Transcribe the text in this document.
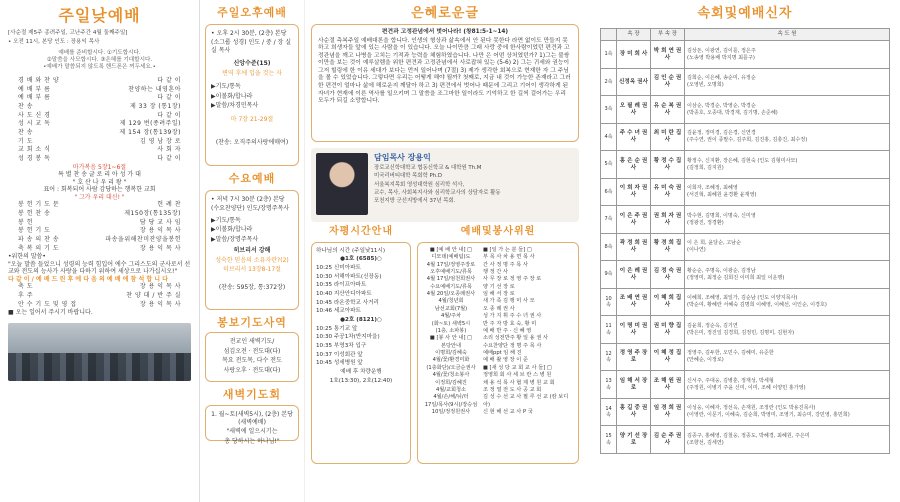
주일낮예배

[사순절 제5주 종려주일, 고난주간 4월 둘째주일]

• 오전 11시, 본당 인도 : 장용익 목사

예배를 준비합시다. ①기도합시다.

②말씀을 사모합시다. ③은혜를 기대합시다.

•예배가 말씀되지 않도록 핸드폰은 꺼두세요.•

경 배 와 찬 양	다 같 이
예 배 부 름	찬양하는 내영혼아
예 배 부 름	다 같 이
찬 송	제 33 장 (통1장)
사 도 신 경	다 같 이
성 시 교 독	제 129 번(종려주일)
찬 송	제 154 장(통139장)
기 도	김 영 남 장 로
교 회 소 식	사 회 자
성 경 봉 독	다 같 이
마가복음 5장1~6절
특 별 찬 송 글 로 리 아 성 가 대
" 호 산 나 우 리 왕 "
표어 : 회복되어 사람 감당하는 행복한 교회
" 그가 우리 대신! "
봉 헌 기 도 문	헌 례 찬
봉 헌 찬 송	제150장(통135장)
봉 헌	담 당 교 사 임
봉 헌 기 도	장 용 익 목 사
파 송 의 찬 송	파송을위해찬미잔양을봉헌
축 복 의 기 도	장 용 익 목 사
•위한의 말씀•
"오늘 말씀 들었으니 성령의 능력 힘입어 에수 그리스도의 군사로서 선교와 전도의 능사가 사랑을 다하기 위하여 세상으로 나가십시오!"
다 같 이 / 예 배 드 린 후 에 다 음 의 예 배 에 참 석 합 니 다
축 도	장 용 익 목 사
후 주	찬 양 대 / 반 주 실
안 수 기 도 및 영 접	장 용 익 목 사
■ 오는 일어서 주시기 바랍니다.
주일오후예배

• 오후 2시 30분, (2층) 본당

(소그룹 성경) 인도 / 중 / 장 실 실 목사

신앙수준(15)

변역 후에 입을 것는 자

▶기도/통독

▶이볼화/합나라

▶말씀/차경민목사

마 7장 21-29절

(찬송: 오직주의사랑에매여)

수요예배

• 저녁 7시 30분 (2층) 본당

(수요찬양단) 인도/장명주목사

▶기도/통독

▶이볼화/합나라

▶말씀/장명주목사

히브리서 강해

성숙한 믿음의 소유자란?(2)

히브리서 13장8-17절

(찬송: 595장, 통:372장)

봉보기도사역

전교인 새벽기도/

섬김오전 · 전도대(다)

목요 전도목, 다수 전도

사랑오후 · 전도대(다)

새벽기도회

1. 월~토(새벽5시), (2층) 본당 (새벽예배)

"새벽에 일으시기는

총 당하시는 하나님!"

은혜로운글
편견과 고정관념에서 벗어나라! (창81:5-1~14)
사순절 측복주일 예배대론을 합니다. 인생의 형상과 삶속에서 안 된다 못한다 라면 없이도 만들지 못하고 희생자들 앞에 있는 사람을 이 있습니다. 오늘 나이만큼 그래 사랑 중에 한사람이었던 편견과 고정관념을 깨고 나병을 고치는 기적과 능력을 체험하였습니다. 나만 은 어떤 상처였던가? 1)그는 불쌍이만을 보는 것이 예루살렘을 위한 편견과 고정관념에서 사로잡혀 있는 (5-6) 2) 그는 귀세와 권능이 그저 힐링에 한 이유 세대가 보다는 먼저 일어나며 (7절) 3) 제가 생각한 회복으로 현재한 자 그 주님을 볼 수 있었습니다. 그렇다면 우리는 어떻게 해야 될까? 첫째로, 지금 내 것이 가능한 존재라고 그러한 편견이 얼마나 삶에 해로운지 깨달아 하고 3) 편견에서 벗어나 때문에 그리고 기어이 생각하게 된 자녀가 현재에 이른 역사를 일으키며 그 말씀을 조그마한 일이라도 기억하고 한 길씩 걸어가는 우리 모두가 되길 소망합니다.
담임목사 장용익

장로교신학대학교 협동신학교 & 대학원 Th.M

미국리버티대학 목회학 Ph.D

서울복지목회 영성대학원 심리학 석사,

교수, 목사, 사회복지사와 심리학교사의 상담자로 활동

포천지방 군선지방에서 37년 목회.

자평시간안내
하나님의 시간 (주일낮11시)
●1호 (6585)○
10:25 신미아파트
10:30 서해아파트(신장동)
10:35 라이프아파트
10:40 지산안디아파트
10:45 라온중학교 사거리
10:46 세교아파트
●2호 (8121)○
10:25 통기교 앞
10:30 주공1차(반지마을)
10:35 부영3차 입구
10:37 이성회관 앞
10:45 성세병원 앞
예배 후 차량운행
1호(13:30), 2호(12:40)
예배및봉사위원
■ [예 배 안 내] □
디모데(예배팀)도
4월 17일/정영주장로
오후예배기도/류목
4월 17일/엄천희권사
수요예배기도/류목
4월 20일/오종례권사
4월/청년회
남선교회(7월)
4월/주차
(화~토) 새벽5시
(1층, 소파봉)
■ [봉 사 안 내] □
본당안내
이명희/김혜숙
4월/꽃/환경미화
(1층화단)/오금순권사
4월/꽃/청소봉사
이정희/김혜진
4월/교회청소
4월/손/해/뉘/터
17일/목사(9시)/장승섬
10일/정정원권사
■ [일 가 는 분 들] □
부 목 사 차 용 면 목 사
간 사 정 명 주 목 사
행 정 간 사
사 무 장 로 정 영 주 장 로
양 기 선 장 로
임 해 서 장 로
새 가 족 김 행 미 사 모
오 종 례 권 사
성 가 지 휘 주 수 녀 권 사
반 주 자 방 효 숙, 황 미
예 배 반 주 · 신 혜 영
소리 성전반주 황 일 용 권 사
수요찬양단 정 명 주 목 사
예배ppt 임 해 진
예 배 촬 영 장 이 준
■ [새 성 당 교 회 교 사 들] □
정영희 회 사 세 브 란 스 병 원
채 용 석 목 사 협 제 병 원 교 회
조 정 열 전 도 사 공 교 회
김 성 수 선 교 사 필 루 선 교 (캄 보디아)
신 현 해 선 교 사 P 국
속회및예배신자
	속 장	부 속 장	속 도 원
1속	장 미 희 사	박 희 연 권 사	김상돈, 이광연, 김이를, 정은주
(노송영 박용배 박지명 최를구)
2속	신정옥 권사	김 인 순 권 사	김희순, 이은혜, 송순미, 유정순
(오영빈, 오명희)
3속	오 필 례 권 사	유 순 복 권 사	이삼순, 박경순, 박영순, 박경순
(박종호, 오종대, 박경재, 김기명, 손준혜)
4속	주 수 녀 권 사	최 미 란 집 사	김윤정, 정미경, 김은경, 신연경
(주수연, 권이 종말수, 김주희, 김진홍, 김충진, 최수정)
5속	홍 은 순 권 사	황 정 수 집 사	황정수, 신지환, 장은혜, 김현숙 (인도 김형미사모)
(김정희, 김지원)
6속	이 희 자 권 사	유 미 숙 권 사	이희자, 조혜정, 최혜영
(서진혁, 최혜원 윤경환 윤재영)
7속	이 은 주 권 사	권 희 자 권 사	박수현, 김명희, 이명숙, 신미영
(정광진, 정경환)
8속	곽 정 희 권 사	황 경 희 집 사	이 은 희, 윤달순, 고남순
(이나연)
9속	이 은 례 권 사	김 정 숙 권 사	황순순, 주명옥, 이광순, 김정남
(정영미, 최정순 김희진 이미희 최일 이운행)
10속	조 배 연 권 사	이 혜 희 집 사	이혜희, 조혜영, 최일가, 김순남 (인도 이양지목사)
(박순여, 황혜란 서혜숙 김명희 이혜영, 이혜선, 이인순, 이경호)
11속	이 명 미 권 사	권 미 향 집 사	김윤희, 정순옥, 김기연
(박은미, 정진일 김경희, 김정민, 김명미, 김현자)
12속	정 영 주 장 로	이 혜 정 집 사	정영주, 김두한, 오민수, 김혜미, 유준한
(안혜순, 이정로)
13속	임 해 서 장 로	조 해 원 권 사	신서주, 주대웅, 김병훈, 정재성, 박세형
(주정원, 이병기 주윤 신미, 이미, 조혜 이양민 홍가영)
14속	홍 길 중 권 사	임 경 희 권 사	이성웅, 이혜자, 정선옥, 손재원, 조정란 (인도 박용진목사)
(이영란, 이문기, 이혜숙, 김순희, 박영미, 조영기, 최승미, 강민영, 홍민희)
15속	양 기 선 장 로	김 순 주 권 사	김종구, 홍혜영, 김철웅, 정종도, 박혜경, 최혜원, 주은미
(조향선, 김세연)
